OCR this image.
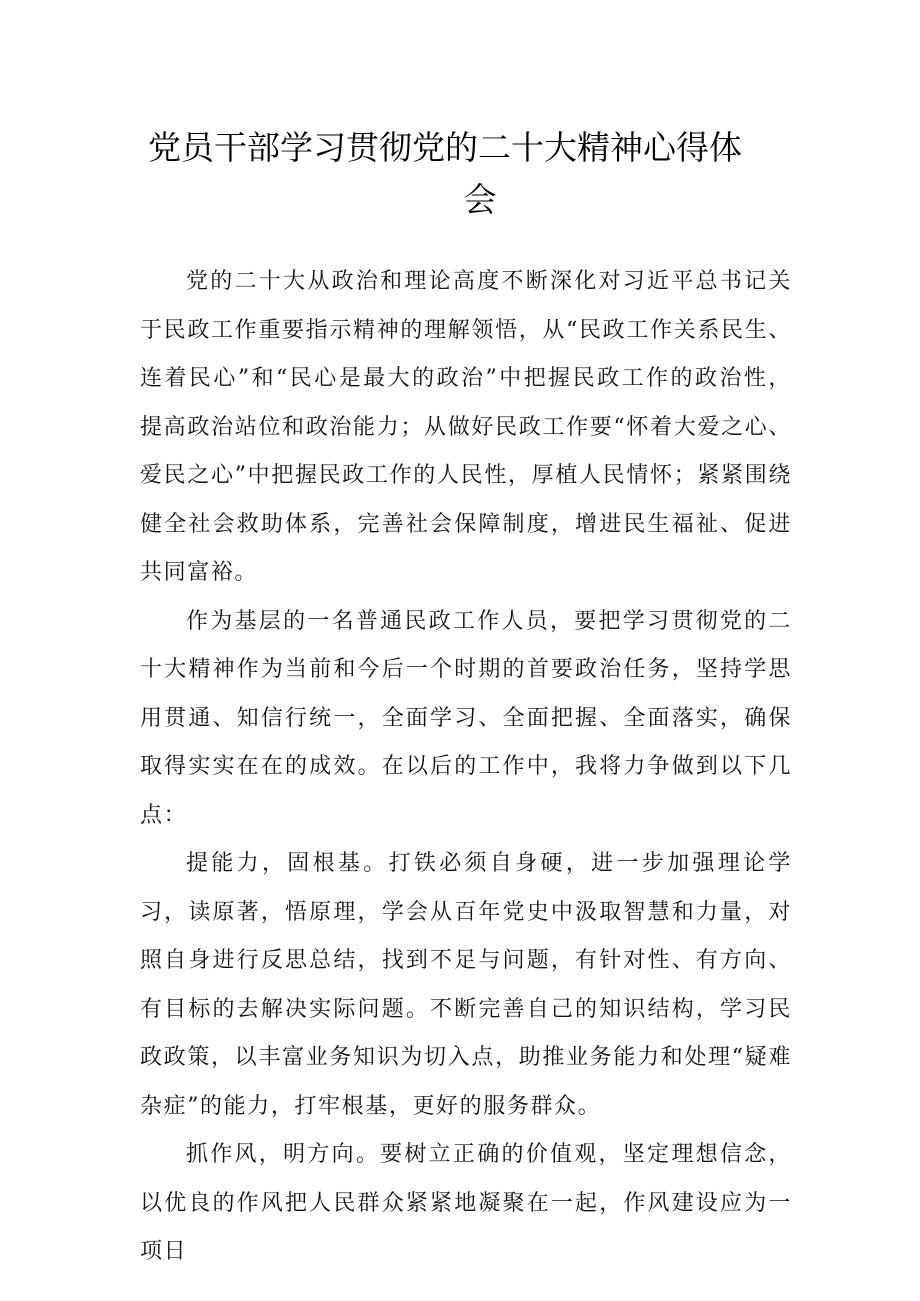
党员干部学习贯彻党的二十大精神心得体
会

党的二十大从政治和理论高度不断深化对习近平总书记关于民政工作重要指示精神的理解领悟，从“民政工作关系民生、连着民心”和“民心是最大的政治”中把握民政工作的政治性，提高政治站位和政治能力；从做好民政工作要“怀着大爱之心、爱民之心”中把握民政工作的人民性，厚植人民情怀；紧紧围绕健全社会救助体系，完善社会保障制度，增进民生福祉、促进共同富裕。

作为基层的一名普通民政工作人员，要把学习贯彻党的二十大精神作为当前和今后一个时期的首要政治任务，坚持学思用贯通、知信行统一，全面学习、全面把握、全面落实，确保取得实实在在的成效。在以后的工作中，我将力争做到以下几点：

提能力，固根基。打铁必须自身硬，进一步加强理论学习，读原著，悟原理，学会从百年党史中汲取智慧和力量，对照自身进行反思总结，找到不足与问题，有针对性、有方向、有目标的去解决实际问题。不断完善自己的知识结构，学习民政政策，以丰富业务知识为切入点，助推业务能力和处理“疑难杂症”的能力，打牢根基，更好的服务群众。

抓作风，明方向。要树立正确的价值观，坚定理想信念，以优良的作风把人民群众紧紧地凝聚在一起，作风建设应为一项日
